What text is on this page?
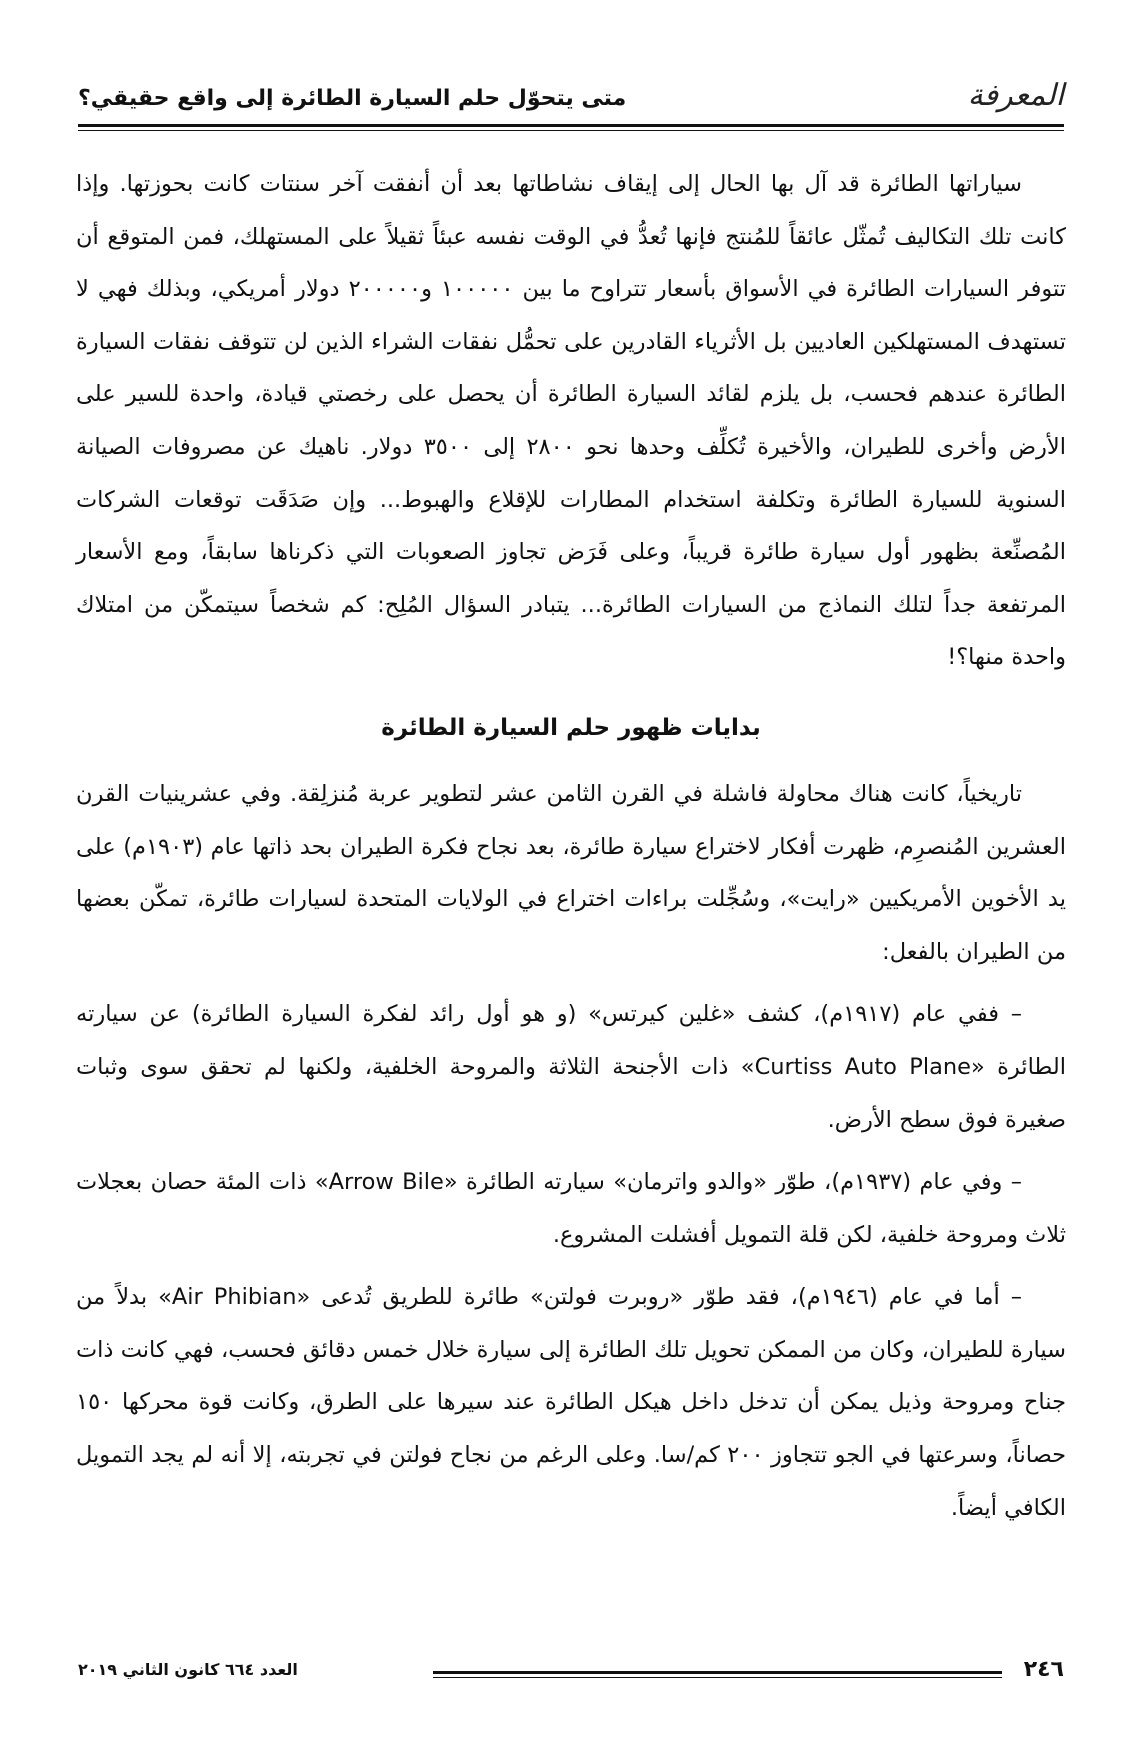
المعرفة
متى يتحوّل حلم السيارة الطائرة إلى واقع حقيقي؟

سياراتها الطائرة قد آل بها الحال إلى إيقاف نشاطاتها بعد أن أنفقت آخر سنتات كانت بحوزتها. وإذا كانت تلك التكاليف تُمثّل عائقاً للمُنتج فإنها تُعدُّ في الوقت نفسه عبئاً ثقيلاً على المستهلك، فمن المتوقع أن تتوفر السيارات الطائرة في الأسواق بأسعار تتراوح ما بين ١٠٠٠٠٠ و٢٠٠٠٠٠ دولار أمريكي، وبذلك فهي لا تستهدف المستهلكين العاديين بل الأثرياء القادرين على تحمُّل نفقات الشراء الذين لن تتوقف نفقات السيارة الطائرة عندهم فحسب، بل يلزم لقائد السيارة الطائرة أن يحصل على رخصتي قيادة، واحدة للسير على الأرض وأخرى للطيران، والأخيرة تُكلِّف وحدها نحو ٢٨٠٠ إلى ٣٥٠٠ دولار. ناهيك عن مصروفات الصيانة السنوية للسيارة الطائرة وتكلفة استخدام المطارات للإقلاع والهبوط... وإن صَدَقَت توقعات الشركات المُصنِّعة بظهور أول سيارة طائرة قريباً، وعلى فَرَض تجاوز الصعوبات التي ذكرناها سابقاً، ومع الأسعار المرتفعة جداً لتلك النماذج من السيارات الطائرة... يتبادر السؤال المُلِح: كم شخصاً سيتمكّن من امتلاك واحدة منها؟!

بدايات ظهور حلم السيارة الطائرة

تاريخياً، كانت هناك محاولة فاشلة في القرن الثامن عشر لتطوير عربة مُنزلِقة. وفي عشرينيات القرن العشرين المُنصرِم، ظهرت أفكار لاختراع سيارة طائرة، بعد نجاح فكرة الطيران بحد ذاتها عام (١٩٠٣م) على يد الأخوين الأمريكيين «رايت»، وسُجِّلت براءات اختراع في الولايات المتحدة لسيارات طائرة، تمكّن بعضها من الطيران بالفعل:

– ففي عام (١٩١٧م)، كشف «غلين كيرتس» (و هو أول رائد لفكرة السيارة الطائرة) عن سيارته الطائرة «Curtiss Auto Plane» ذات الأجنحة الثلاثة والمروحة الخلفية، ولكنها لم تحقق سوى وثبات صغيرة فوق سطح الأرض.

– وفي عام (١٩٣٧م)، طوّر «والدو واترمان» سيارته الطائرة «Arrow Bile» ذات المئة حصان بعجلات ثلاث ومروحة خلفية، لكن قلة التمويل أفشلت المشروع.

– أما في عام (١٩٤٦م)، فقد طوّر «روبرت فولتن» طائرة للطريق تُدعى «Air Phibian» بدلاً من سيارة للطيران، وكان من الممكن تحويل تلك الطائرة إلى سيارة خلال خمس دقائق فحسب، فهي كانت ذات جناح ومروحة وذيل يمكن أن تدخل داخل هيكل الطائرة عند سيرها على الطرق، وكانت قوة محركها ١٥٠ حصاناً، وسرعتها في الجو تتجاوز ٢٠٠ كم/سا. وعلى الرغم من نجاح فولتن في تجربته، إلا أنه لم يجد التمويل الكافي أيضاً.

٢٤٦
العدد ٦٦٤ كانون الثاني ٢٠١٩
